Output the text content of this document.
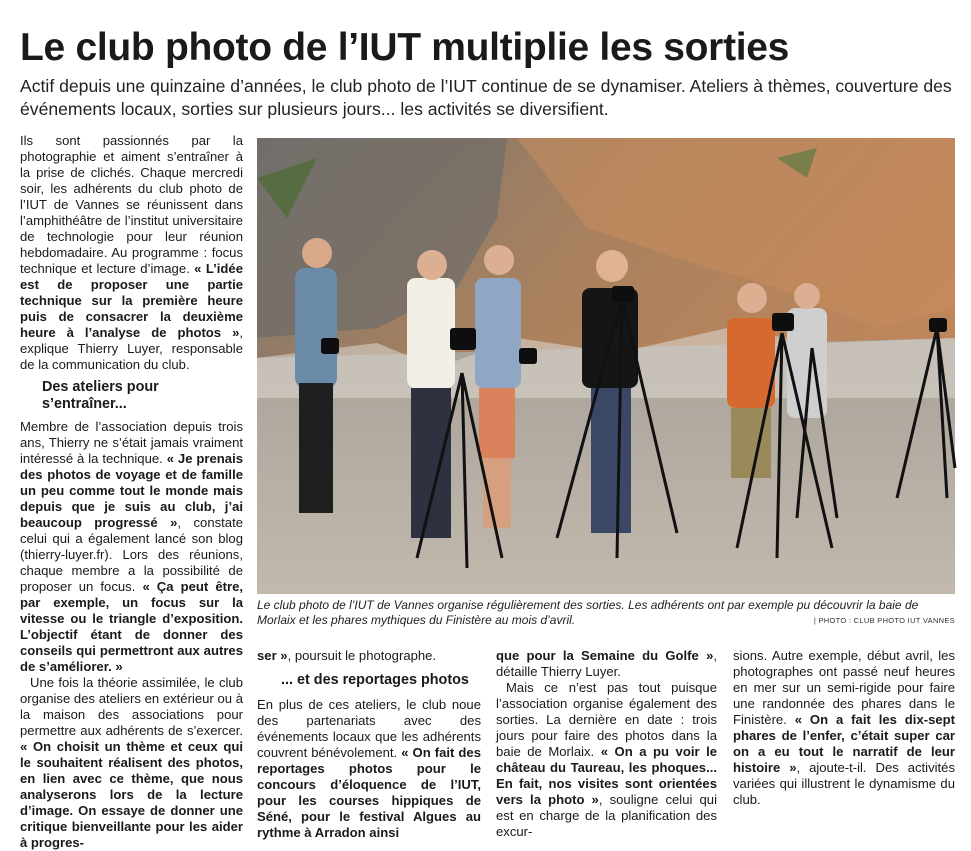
Le club photo de l’IUT multiplie les sorties

Actif depuis une quinzaine d’années, le club photo de l’IUT continue de se dynamiser. Ateliers à thèmes, couverture des événements locaux, sorties sur plusieurs jours... les activités se diversifient.

Ils sont passionnés par la photographie et aiment s’entraîner à la prise de clichés. Chaque mercredi soir, les adhérents du club photo de l’IUT de Vannes se réunissent dans l’amphithéâtre de l’institut universitaire de technologie pour leur réunion hebdomadaire. Au programme : focus technique et lecture d’image. « L’idée est de proposer une partie technique sur la première heure puis de consacrer la deuxième heure à l’analyse de photos », explique Thierry Luyer, responsable de la communication du club.

Des ateliers pour s’entraîner...

Membre de l’association depuis trois ans, Thierry ne s’était jamais vraiment intéressé à la technique. « Je prenais des photos de voyage et de famille un peu comme tout le monde mais depuis que je suis au club, j’ai beaucoup progressé », constate celui qui a également lancé son blog (thierry-luyer.fr). Lors des réunions, chaque membre a la possibilité de proposer un focus. « Ça peut être, par exemple, un focus sur la vitesse ou le triangle d’exposition. L’objectif étant de donner des conseils qui permettront aux autres de s’améliorer. »

Une fois la théorie assimilée, le club organise des ateliers en extérieur ou à la maison des associations pour permettre aux adhérents de s’exercer. « On choisit un thème et ceux qui le souhaitent réalisent des photos, en lien avec ce thème, que nous analyserons lors de la lecture d’image. On essaye de donner une critique bienveillante pour les aider à progres-

Le club photo de l’IUT de Vannes organise régulièrement des sorties. Les adhérents ont par exemple pu découvrir la baie de Morlaix et les phares mythiques du Finistère au mois d’avril.	| PHOTO : CLUB PHOTO IUT VANNES

ser », poursuit le photographe.

... et des reportages photos

En plus de ces ateliers, le club noue des partenariats avec des événements locaux que les adhérents couvrent bénévolement. « On fait des reportages photos pour le concours d’éloquence de l’IUT, pour les courses hippiques de Séné, pour le festival Algues au rythme à Arradon ainsi

que pour la Semaine du Golfe », détaille Thierry Luyer.

Mais ce n’est pas tout puisque l’association organise également des sorties. La dernière en date : trois jours pour faire des photos dans la baie de Morlaix. « On a pu voir le château du Taureau, les phoques... En fait, nos visites sont orientées vers la photo », souligne celui qui est en charge de la planification des excur-

sions. Autre exemple, début avril, les photographes ont passé neuf heures en mer sur un semi-rigide pour faire une randonnée des phares dans le Finistère. « On a fait les dix-sept phares de l’enfer, c’était super car on a eu tout le narratif de leur histoire », ajoute-t-il. Des activités variées qui illustrent le dynamisme du club.
